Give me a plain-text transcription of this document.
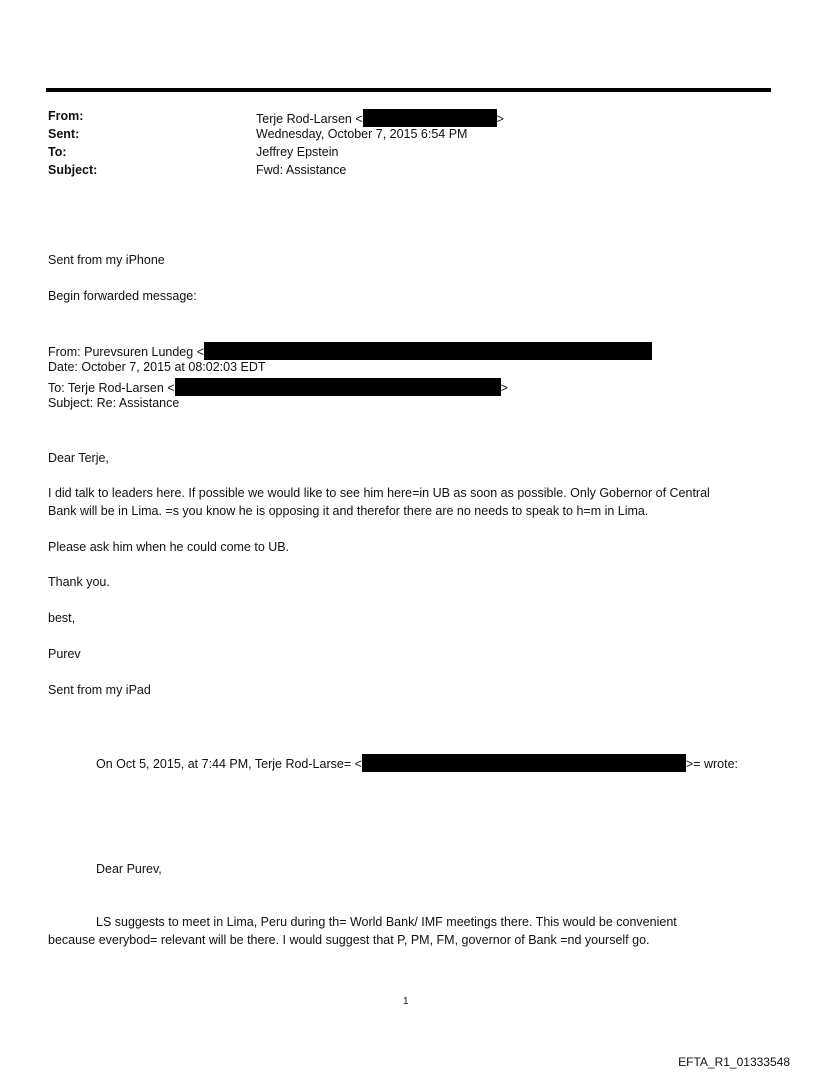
From:	Terje Rod-Larsen <	>
Sent:	Wednesday, October 7, 2015 6:54 PM
To:	Jeffrey Epstein
Subject:	Fwd: Assistance
Sent from my iPhone
Begin forwarded message:
From: Purevsuren Lundeg <
Date: October 7, 2015 at 08:02:03 EDT
To: Terje Rod-Larsen <	>
Subject: Re: Assistance
Dear Terje,
I did talk to leaders here. If possible we would like to see him here=in UB as soon as possible. Only Gobernor of Central
Bank will be in Lima. =s you know he is opposing it and therefor there are no needs to speak to h=m in Lima.
Please ask him when he could come to UB.
Thank you.
best,
Purev
Sent from my iPad
On Oct 5, 2015, at 7:44 PM, Terje Rod-Larse= <	>= wrote:
Dear Purev,
LS suggests to meet in Lima, Peru during th= World Bank/ IMF meetings there. This would be convenient
because everybod= relevant will be there. I would suggest that P, PM, FM, governor of Bank =nd yourself go.
1
EFTA_R1_01333548
